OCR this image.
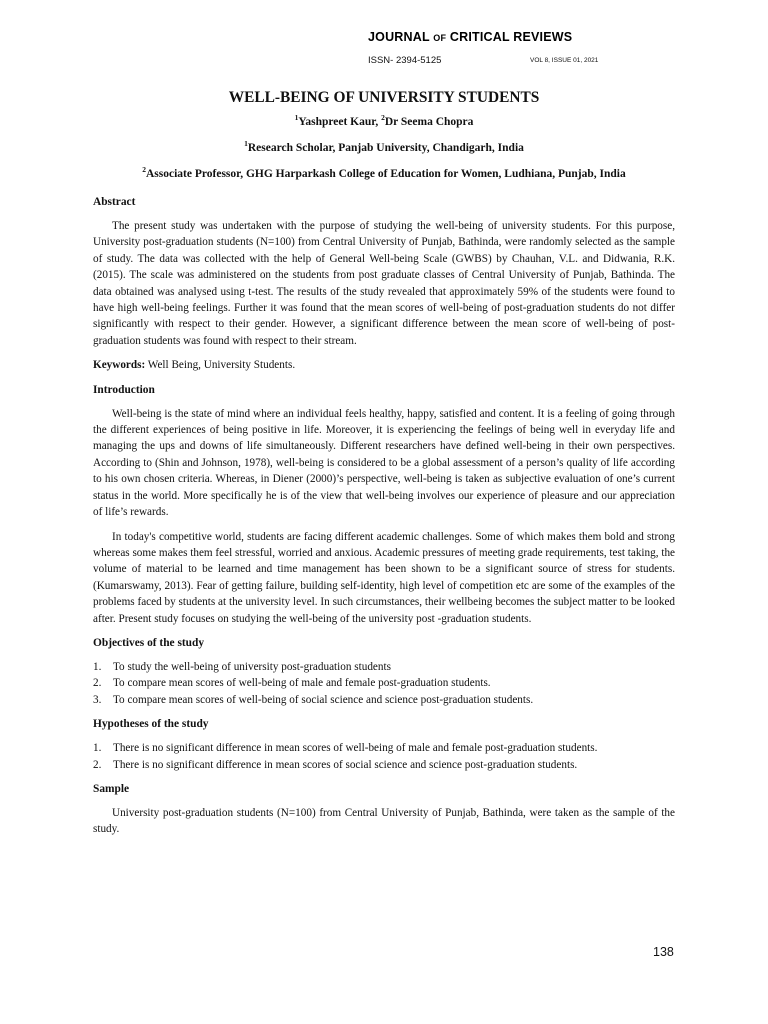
JOURNAL OF CRITICAL REVIEWS
ISSN- 2394-5125	VOL 8, ISSUE 01, 2021
WELL-BEING OF UNIVERSITY STUDENTS
$^1$Yashpreet Kaur, $^2$Dr Seema Chopra
$^1$Research Scholar, Panjab University, Chandigarh, India
$^2$Associate Professor, GHG Harparkash College of Education for Women, Ludhiana, Punjab, India
Abstract

The present study was undertaken with the purpose of studying the well-being of university students. For this purpose, University post-graduation students (N=100) from Central University of Punjab, Bathinda, were randomly selected as the sample of study. The data was collected with the help of General Well-being Scale (GWBS) by Chauhan, V.L. and Didwania, R.K. (2015). The scale was administered on the students from post graduate classes of Central University of Punjab, Bathinda. The data obtained was analysed using t-test. The results of the study revealed that approximately 59% of the students were found to have high well-being feelings. Further it was found that the mean scores of well-being of post-graduation students do not differ significantly with respect to their gender. However, a significant difference between the mean score of well-being of post-graduation students was found with respect to their stream.

Keywords: Well Being, University Students.

Introduction

Well-being is the state of mind where an individual feels healthy, happy, satisfied and content. It is a feeling of going through the different experiences of being positive in life. Moreover, it is experiencing the feelings of being well in everyday life and managing the ups and downs of life simultaneously. Different researchers have defined well-being in their own perspectives. According to (Shin and Johnson, 1978), well-being is considered to be a global assessment of a person’s quality of life according to his own chosen criteria. Whereas, in Diener (2000)’s perspective, well-being is taken as subjective evaluation of one’s current status in the world. More specifically he is of the view that well-being involves our experience of pleasure and our appreciation of life’s rewards.

In today's competitive world, students are facing different academic challenges. Some of which makes them bold and strong whereas some makes them feel stressful, worried and anxious. Academic pressures of meeting grade requirements, test taking, the volume of material to be learned and time management has been shown to be a significant source of stress for students. (Kumarswamy, 2013). Fear of getting failure, building self-identity, high level of competition etc are some of the examples of the problems faced by students at the university level. In such circumstances, their wellbeing becomes the subject matter to be looked after. Present study focuses on studying the well-being of the university post -graduation students.

Objectives of the study
1. To study the well-being of university post-graduation students
2. To compare mean scores of well-being of male and female post-graduation students.
3. To compare mean scores of well-being of social science and science post-graduation students.
Hypotheses of the study
1. There is no significant difference in mean scores of well-being of male and female post-graduation students.
2. There is no significant difference in mean scores of social science and science post-graduation students.
Sample

University post-graduation students (N=100) from Central University of Punjab, Bathinda, were taken as the sample of the study.

138
